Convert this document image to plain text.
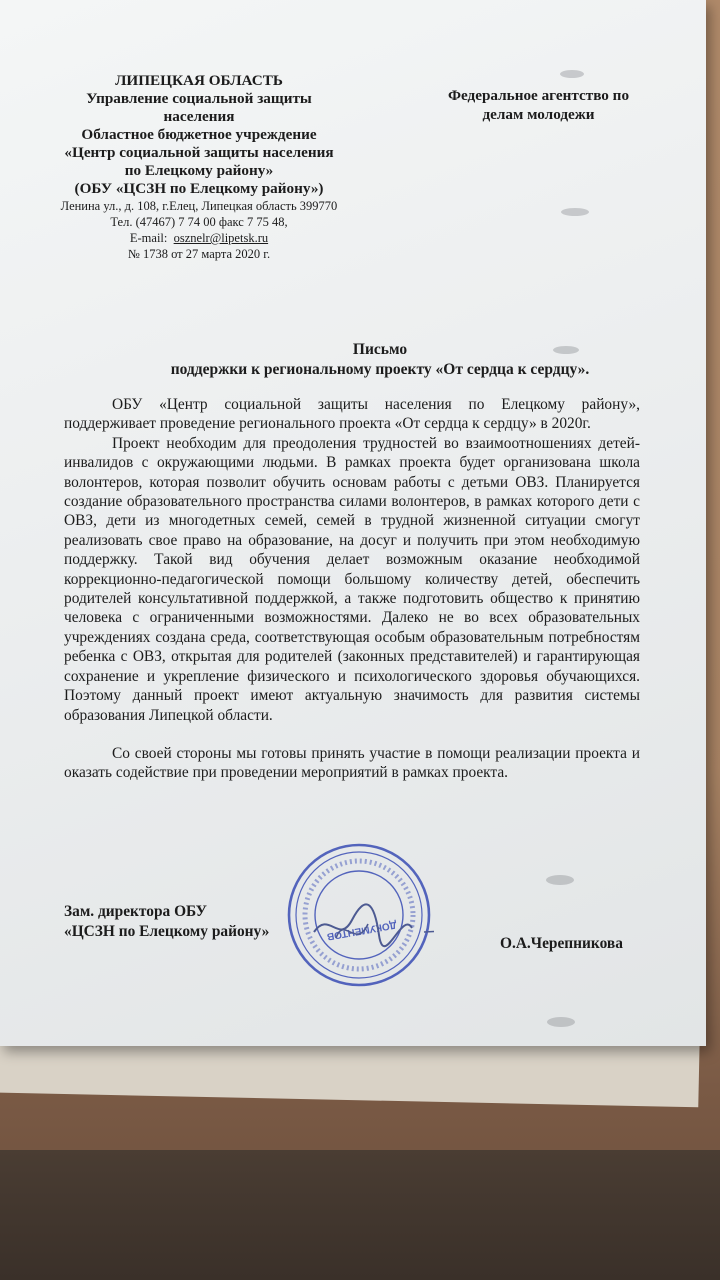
ЛИПЕЦКАЯ ОБЛАСТЬ
Управление социальной защиты
населения
Областное бюджетное учреждение
«Центр социальной защиты населения
по Елецкому району»
(ОБУ «ЦСЗН по Елецкому району»)
Ленина ул., д. 108, г.Елец, Липецкая область 399770
Тел. (47467) 7 74 00 факс 7 75 48,
E-mail: osznelr@lipetsk.ru
№ 1738 от 27 марта 2020 г.
Федеральное агентство по
делам молодежи
Письмо
поддержки к региональному проекту «От сердца к сердцу».

ОБУ «Центр социальной защиты населения по Елецкому району», поддерживает проведение регионального проекта «От сердца к сердцу» в 2020г.

Проект необходим для преодоления трудностей во взаимоотношениях детей-инвалидов с окружающими людьми. В рамках проекта будет организована школа волонтеров, которая позволит обучить основам работы с детьми ОВЗ. Планируется создание образовательного пространства силами волонтеров, в рамках которого дети с ОВЗ, дети из многодетных семей, семей в трудной жизненной ситуации смогут реализовать свое право на образование, на досуг и получить при этом необходимую поддержку. Такой вид обучения делает возможным оказание необходимой коррекционно-педагогической помощи большому количеству детей, обеспечить родителей консультативной поддержкой, а также подготовить общество к принятию человека с ограниченными возможностями. Далеко не во всех образовательных учреждениях создана среда, соответствующая особым образовательным потребностям ребенка с ОВЗ, открытая для родителей (законных представителей) и гарантирующая сохранение и укрепление физического и психологического здоровья обучающихся. Поэтому данный проект имеют актуальную значимость для развития системы образования Липецкой области.

Со своей стороны мы готовы принять участие в помощи реализации проекта и оказать содействие при проведении мероприятий в рамках проекта.

Зам. директора ОБУ
«ЦСЗН по Елецкому району»
О.А.Черепникова
ДОКУМЕНТОВ
